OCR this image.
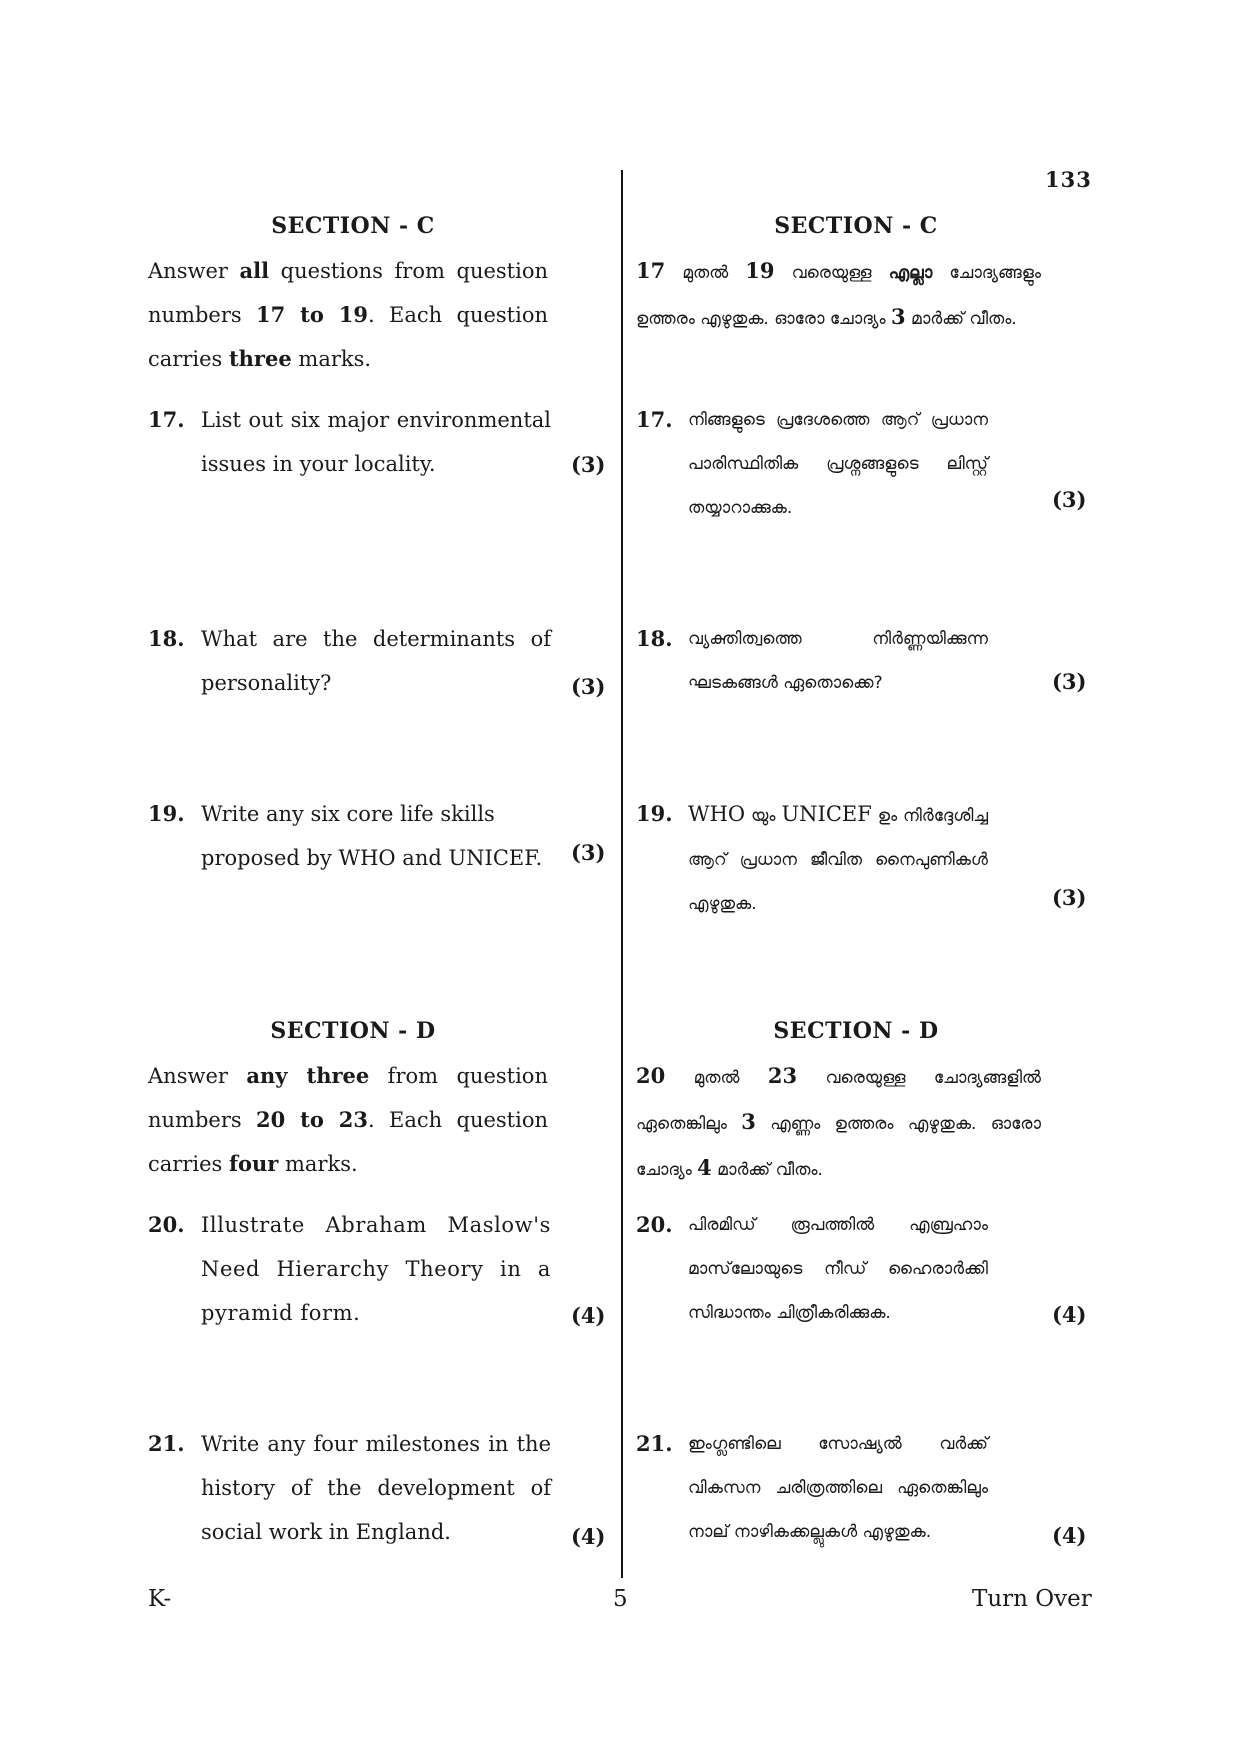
133
SECTION - C
Answer all questions from question numbers 17 to 19. Each question carries three marks.
17. List out six major environmental issues in your locality.	(3)
18. What are the determinants of personality?	(3)
19. Write any six core life skills proposed by WHO and UNICEF.	(3)
SECTION - D
Answer any three from question numbers 20 to 23. Each question carries four marks.
20. Illustrate Abraham Maslow's Need Hierarchy Theory in a pyramid form.	(4)
21. Write any four milestones in the history of the development of social work in England.	(4)
SECTION - C
17 മുതൽ 19 വരെയുള്ള എല്ലാ ചോദ്യങ്ങളും ഉത്തരം എഴുതുക. ഓരോ ചോദ്യം 3 മാർക്ക് വീതം.
17. നിങ്ങളുടെ പ്രദേശത്തെ ആറ് പ്രധാന പാരിസ്ഥിതിക പ്രശ്നങ്ങളുടെ ലിസ്റ്റ് തയ്യാറാക്കുക.	(3)
18. വ്യക്തിത്വത്തെ നിർണ്ണയിക്കുന്ന ഘടകങ്ങൾ ഏതൊക്കെ?	(3)
19. WHO യും UNICEF ഉം നിർദ്ദേശിച്ച ആറ് പ്രധാന ജീവിത നൈപുണികൾ എഴുതുക.	(3)
SECTION - D
20 മുതൽ 23 വരെയുള്ള ചോദ്യങ്ങളിൽ ഏതെങ്കിലും 3 എണ്ണം ഉത്തരം എഴുതുക. ഓരോ ചോദ്യം 4 മാർക്ക് വീതം.
20. പിരമിഡ് രൂപത്തിൽ എബ്രഹാം മാസ്‌ലോയുടെ നീഡ് ഹൈരാർക്കി സിദ്ധാന്തം ചിത്രീകരിക്കുക.	(4)
21. ഇംഗ്ലണ്ടിലെ സോഷ്യൽ വർക്ക് വികസന ചരിത്രത്തിലെ ഏതെങ്കിലും നാല് നാഴികക്കല്ലുകൾ എഴുതുക.	(4)
K-	5	Turn Over
